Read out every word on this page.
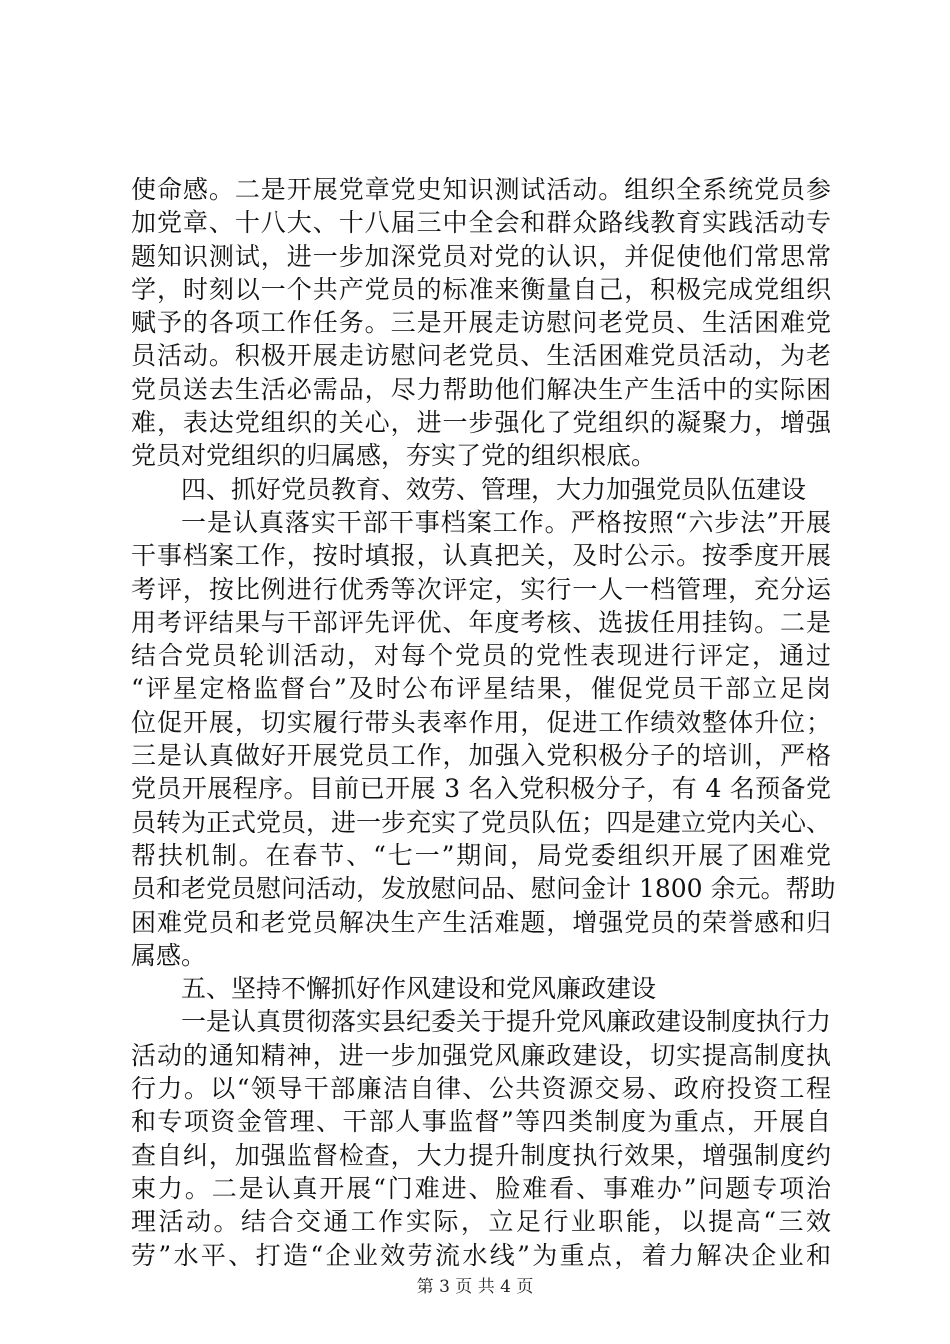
使命感。二是开展党章党史知识测试活动。组织全系统党员参
加党章、十八大、十八届三中全会和群众路线教育实践活动专
题知识测试，进一步加深党员对党的认识，并促使他们常思常
学，时刻以一个共产党员的标准来衡量自己，积极完成党组织
赋予的各项工作任务。三是开展走访慰问老党员、生活困难党
员活动。积极开展走访慰问老党员、生活困难党员活动，为老
党员送去生活必需品，尽力帮助他们解决生产生活中的实际困
难，表达党组织的关心，进一步强化了党组织的凝聚力，增强
党员对党组织的归属感，夯实了党的组织根底。
四、抓好党员教育、效劳、管理，大力加强党员队伍建设
一是认真落实干部干事档案工作。严格按照“六步法”开展
干事档案工作，按时填报，认真把关，及时公示。按季度开展
考评，按比例进行优秀等次评定，实行一人一档管理，充分运
用考评结果与干部评先评优、年度考核、选拔任用挂钩。二是
结合党员轮训活动，对每个党员的党性表现进行评定，通过
“评星定格监督台”及时公布评星结果，催促党员干部立足岗
位促开展，切实履行带头表率作用，促进工作绩效整体升位；
三是认真做好开展党员工作，加强入党积极分子的培训，严格
党员开展程序。目前已开展 3 名入党积极分子，有 4 名预备党
员转为正式党员，进一步充实了党员队伍；四是建立党内关心、
帮扶机制。在春节、“七一”期间，局党委组织开展了困难党
员和老党员慰问活动，发放慰问品、慰问金计 1800 余元。帮助
困难党员和老党员解决生产生活难题，增强党员的荣誉感和归
属感。
五、坚持不懈抓好作风建设和党风廉政建设
一是认真贯彻落实县纪委关于提升党风廉政建设制度执行力
活动的通知精神，进一步加强党风廉政建设，切实提高制度执
行力。以“领导干部廉洁自律、公共资源交易、政府投资工程
和专项资金管理、干部人事监督”等四类制度为重点，开展自
查自纠，加强监督检查，大力提升制度执行效果，增强制度约
束力。二是认真开展“门难进、脸难看、事难办”问题专项治
理活动。结合交通工作实际，立足行业职能，以提高“三效
劳”水平、打造“企业效劳流水线”为重点，着力解决企业和
第 3 页 共 4 页
